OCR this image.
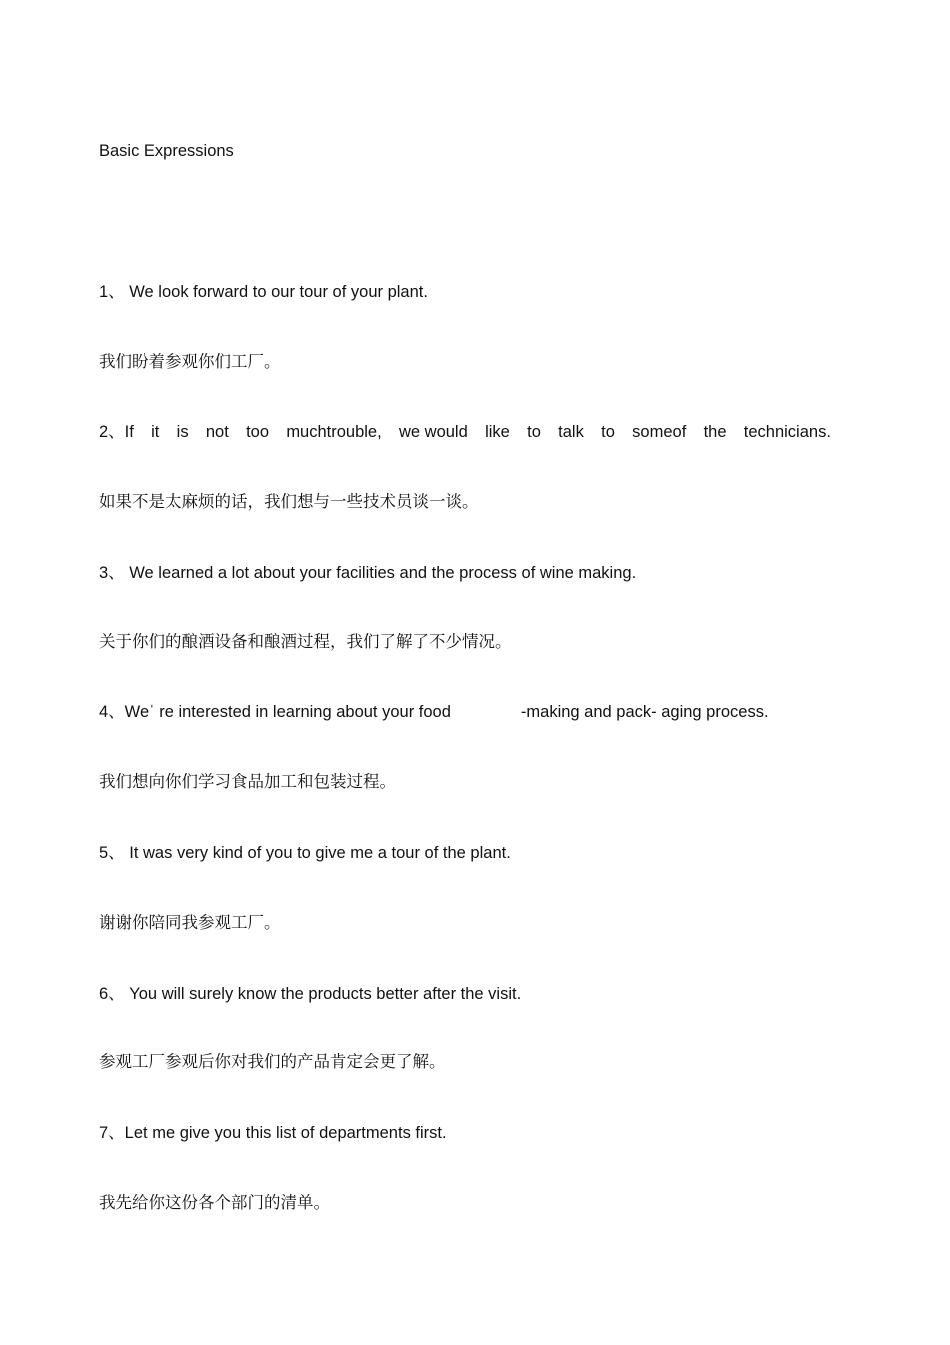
Basic Expressions
1、 We look forward to our tour of your plant.
我们盼着参观你们工厂。
2、If it is not too muchtrouble, we would like to talk to someof the technicians.
如果不是太麻烦的话，我们想与一些技术员谈一谈。
3、 We learned a lot about your facilities and the process of wine making.
关于你们的酿酒设备和酿酒过程，我们了解了不少情况。
4、Weˈ re interested in learning about your food	-making and pack- aging process.
我们想向你们学习食品加工和包装过程。
5、 It was very kind of you to give me a tour of the plant.
谢谢你陪同我参观工厂。
6、 You will surely know the products better after the visit.
参观工厂参观后你对我们的产品肯定会更了解。
7、Let me give you this list of departments first.
我先给你这份各个部门的清单。
